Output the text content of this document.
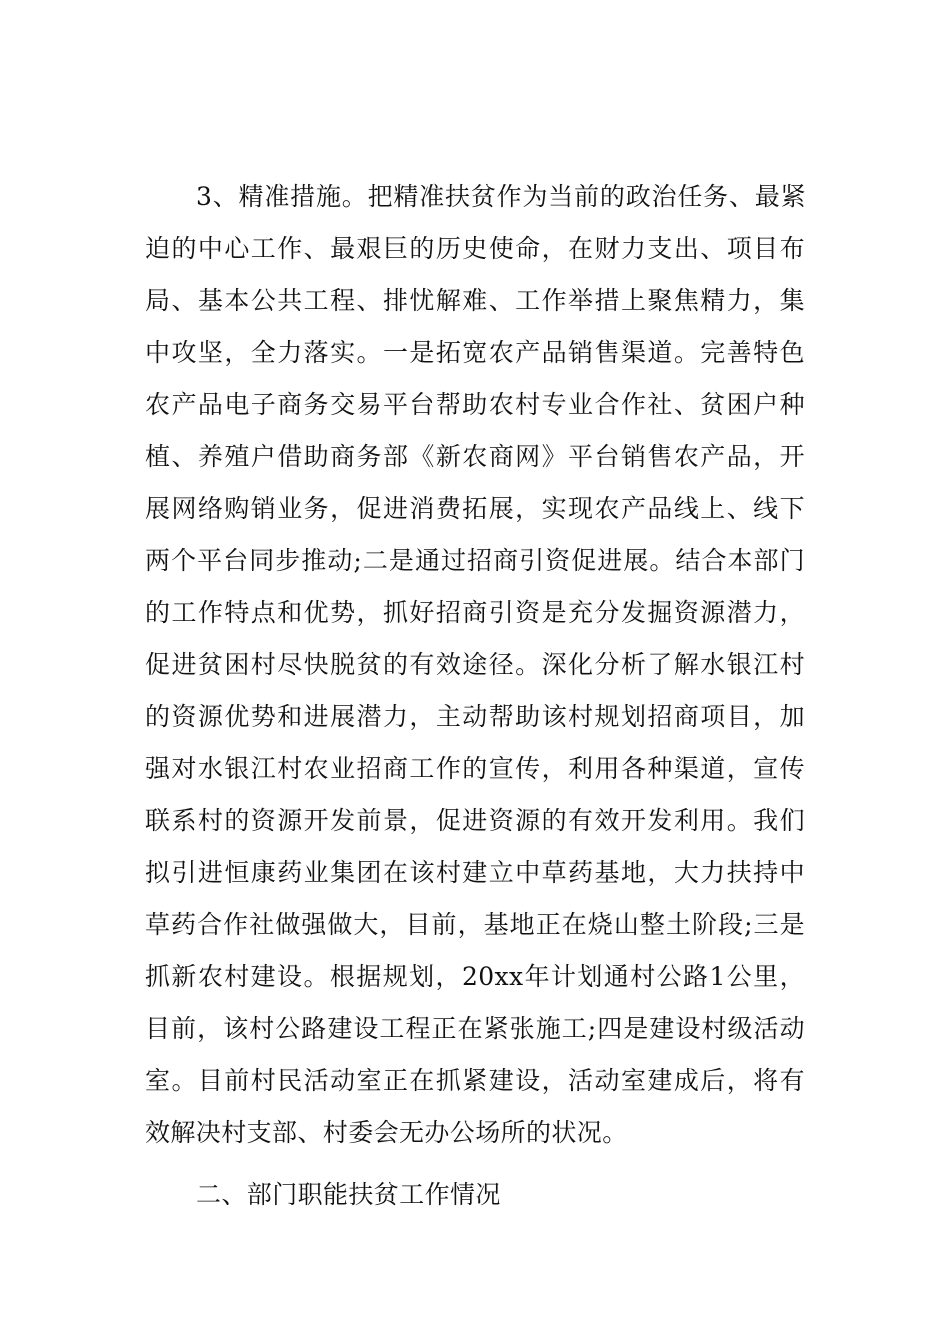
3、精准措施。把精准扶贫作为当前的政治任务、最紧
迫的中心工作、最艰巨的历史使命，在财力支出、项目布
局、基本公共工程、排忧解难、工作举措上聚焦精力，集
中攻坚，全力落实。一是拓宽农产品销售渠道。完善特色
农产品电子商务交易平台帮助农村专业合作社、贫困户种
植、养殖户借助商务部《新农商网》平台销售农产品，开
展网络购销业务，促进消费拓展，实现农产品线上、线下
两个平台同步推动;二是通过招商引资促进展。结合本部门
的工作特点和优势，抓好招商引资是充分发掘资源潜力，
促进贫困村尽快脱贫的有效途径。深化分析了解水银江村
的资源优势和进展潜力，主动帮助该村规划招商项目，加
强对水银江村农业招商工作的宣传，利用各种渠道，宣传
联系村的资源开发前景，促进资源的有效开发利用。我们
拟引进恒康药业集团在该村建立中草药基地，大力扶持中
草药合作社做强做大，目前，基地正在烧山整土阶段;三是
抓新农村建设。根据规划，20xx年计划通村公路1公里，
目前，该村公路建设工程正在紧张施工;四是建设村级活动
室。目前村民活动室正在抓紧建设，活动室建成后，将有
效解决村支部、村委会无办公场所的状况。
二、部门职能扶贫工作情况
